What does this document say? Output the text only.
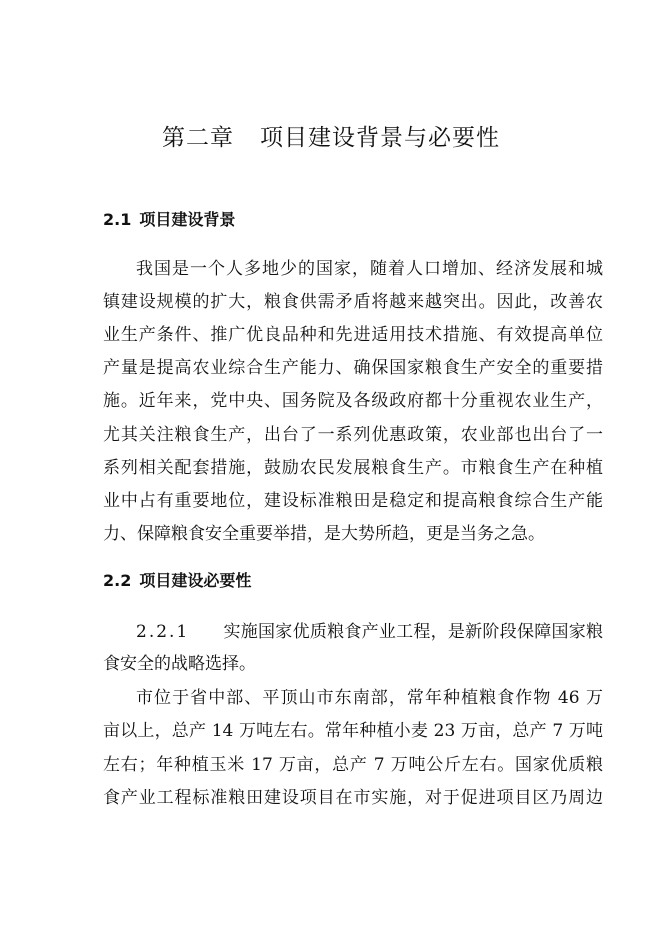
第二章 项目建设背景与必要性
2.1 项目建设背景
我国是一个人多地少的国家，随着人口增加、经济发展和城
镇建设规模的扩大，粮食供需矛盾将越来越突出。因此，改善农
业生产条件、推广优良品种和先进适用技术措施、有效提高单位
产量是提高农业综合生产能力、确保国家粮食生产安全的重要措
施。近年来，党中央、国务院及各级政府都十分重视农业生产，
尤其关注粮食生产，出台了一系列优惠政策，农业部也出台了一
系列相关配套措施，鼓励农民发展粮食生产。市粮食生产在种植
业中占有重要地位，建设标准粮田是稳定和提高粮食综合生产能
力、保障粮食安全重要举措，是大势所趋，更是当务之急。
2.2 项目建设必要性
2.2.1 实施国家优质粮食产业工程，是新阶段保障国家粮
食安全的战略选择。
市位于省中部、平顶山市东南部，常年种植粮食作物 46 万
亩以上，总产 14 万吨左右。常年种植小麦 23 万亩，总产 7 万吨
左右；年种植玉米 17 万亩，总产 7 万吨公斤左右。国家优质粮
食产业工程标准粮田建设项目在市实施，对于促进项目区乃周边
